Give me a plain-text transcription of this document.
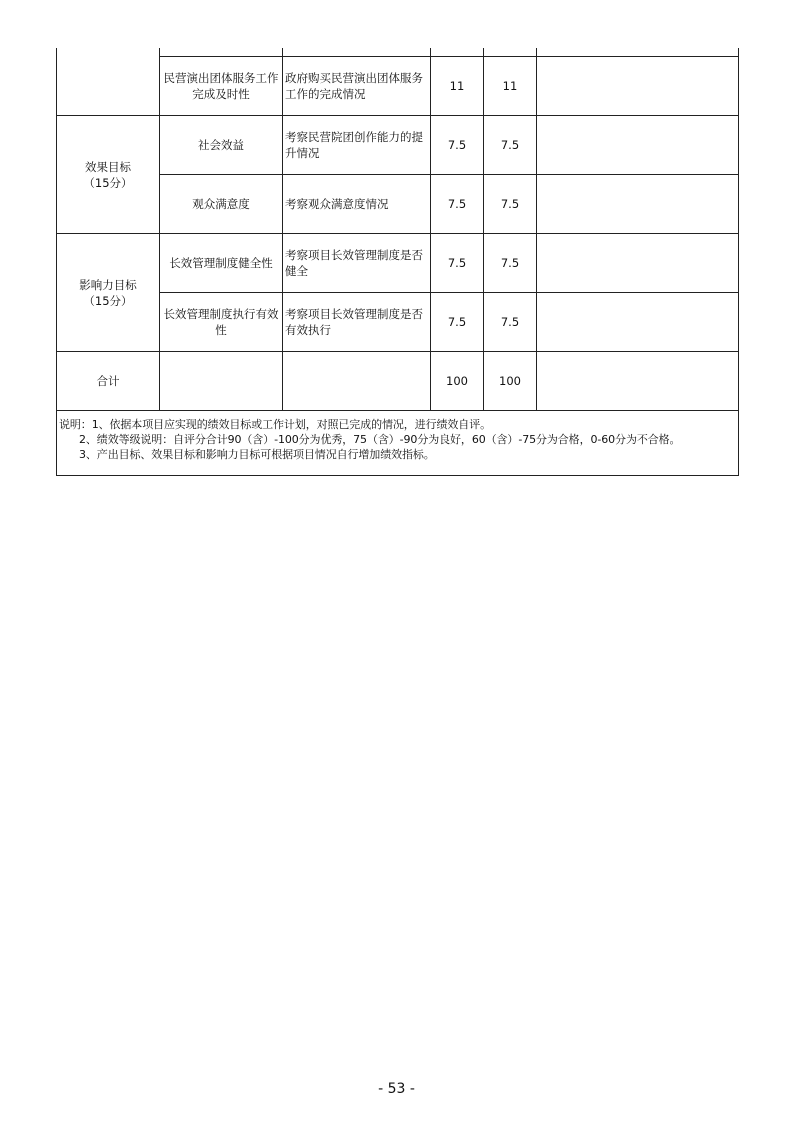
	民营演出团体服务工作完成及时性	政府购买民营演出团体服务工作的完成情况	11	11	
效果目标
（15分）	社会效益	考察民营院团创作能力的提升情况	7.5	7.5	
	观众满意度	考察观众满意度情况	7.5	7.5	
影响力目标
（15分）	长效管理制度健全性	考察项目长效管理制度是否健全	7.5	7.5	
	长效管理制度执行有效性	考察项目长效管理制度是否有效执行	7.5	7.5	
合计			100	100	

说明：1、依据本项目应实现的绩效目标或工作计划，对照已完成的情况，进行绩效自评。
2、绩效等级说明：自评分合计90（含）-100分为优秀，75（含）-90分为良好，60（含）-75分为合格，0-60分为不合格。
3、产出目标、效果目标和影响力目标可根据项目情况自行增加绩效指标。					
- 53 -
